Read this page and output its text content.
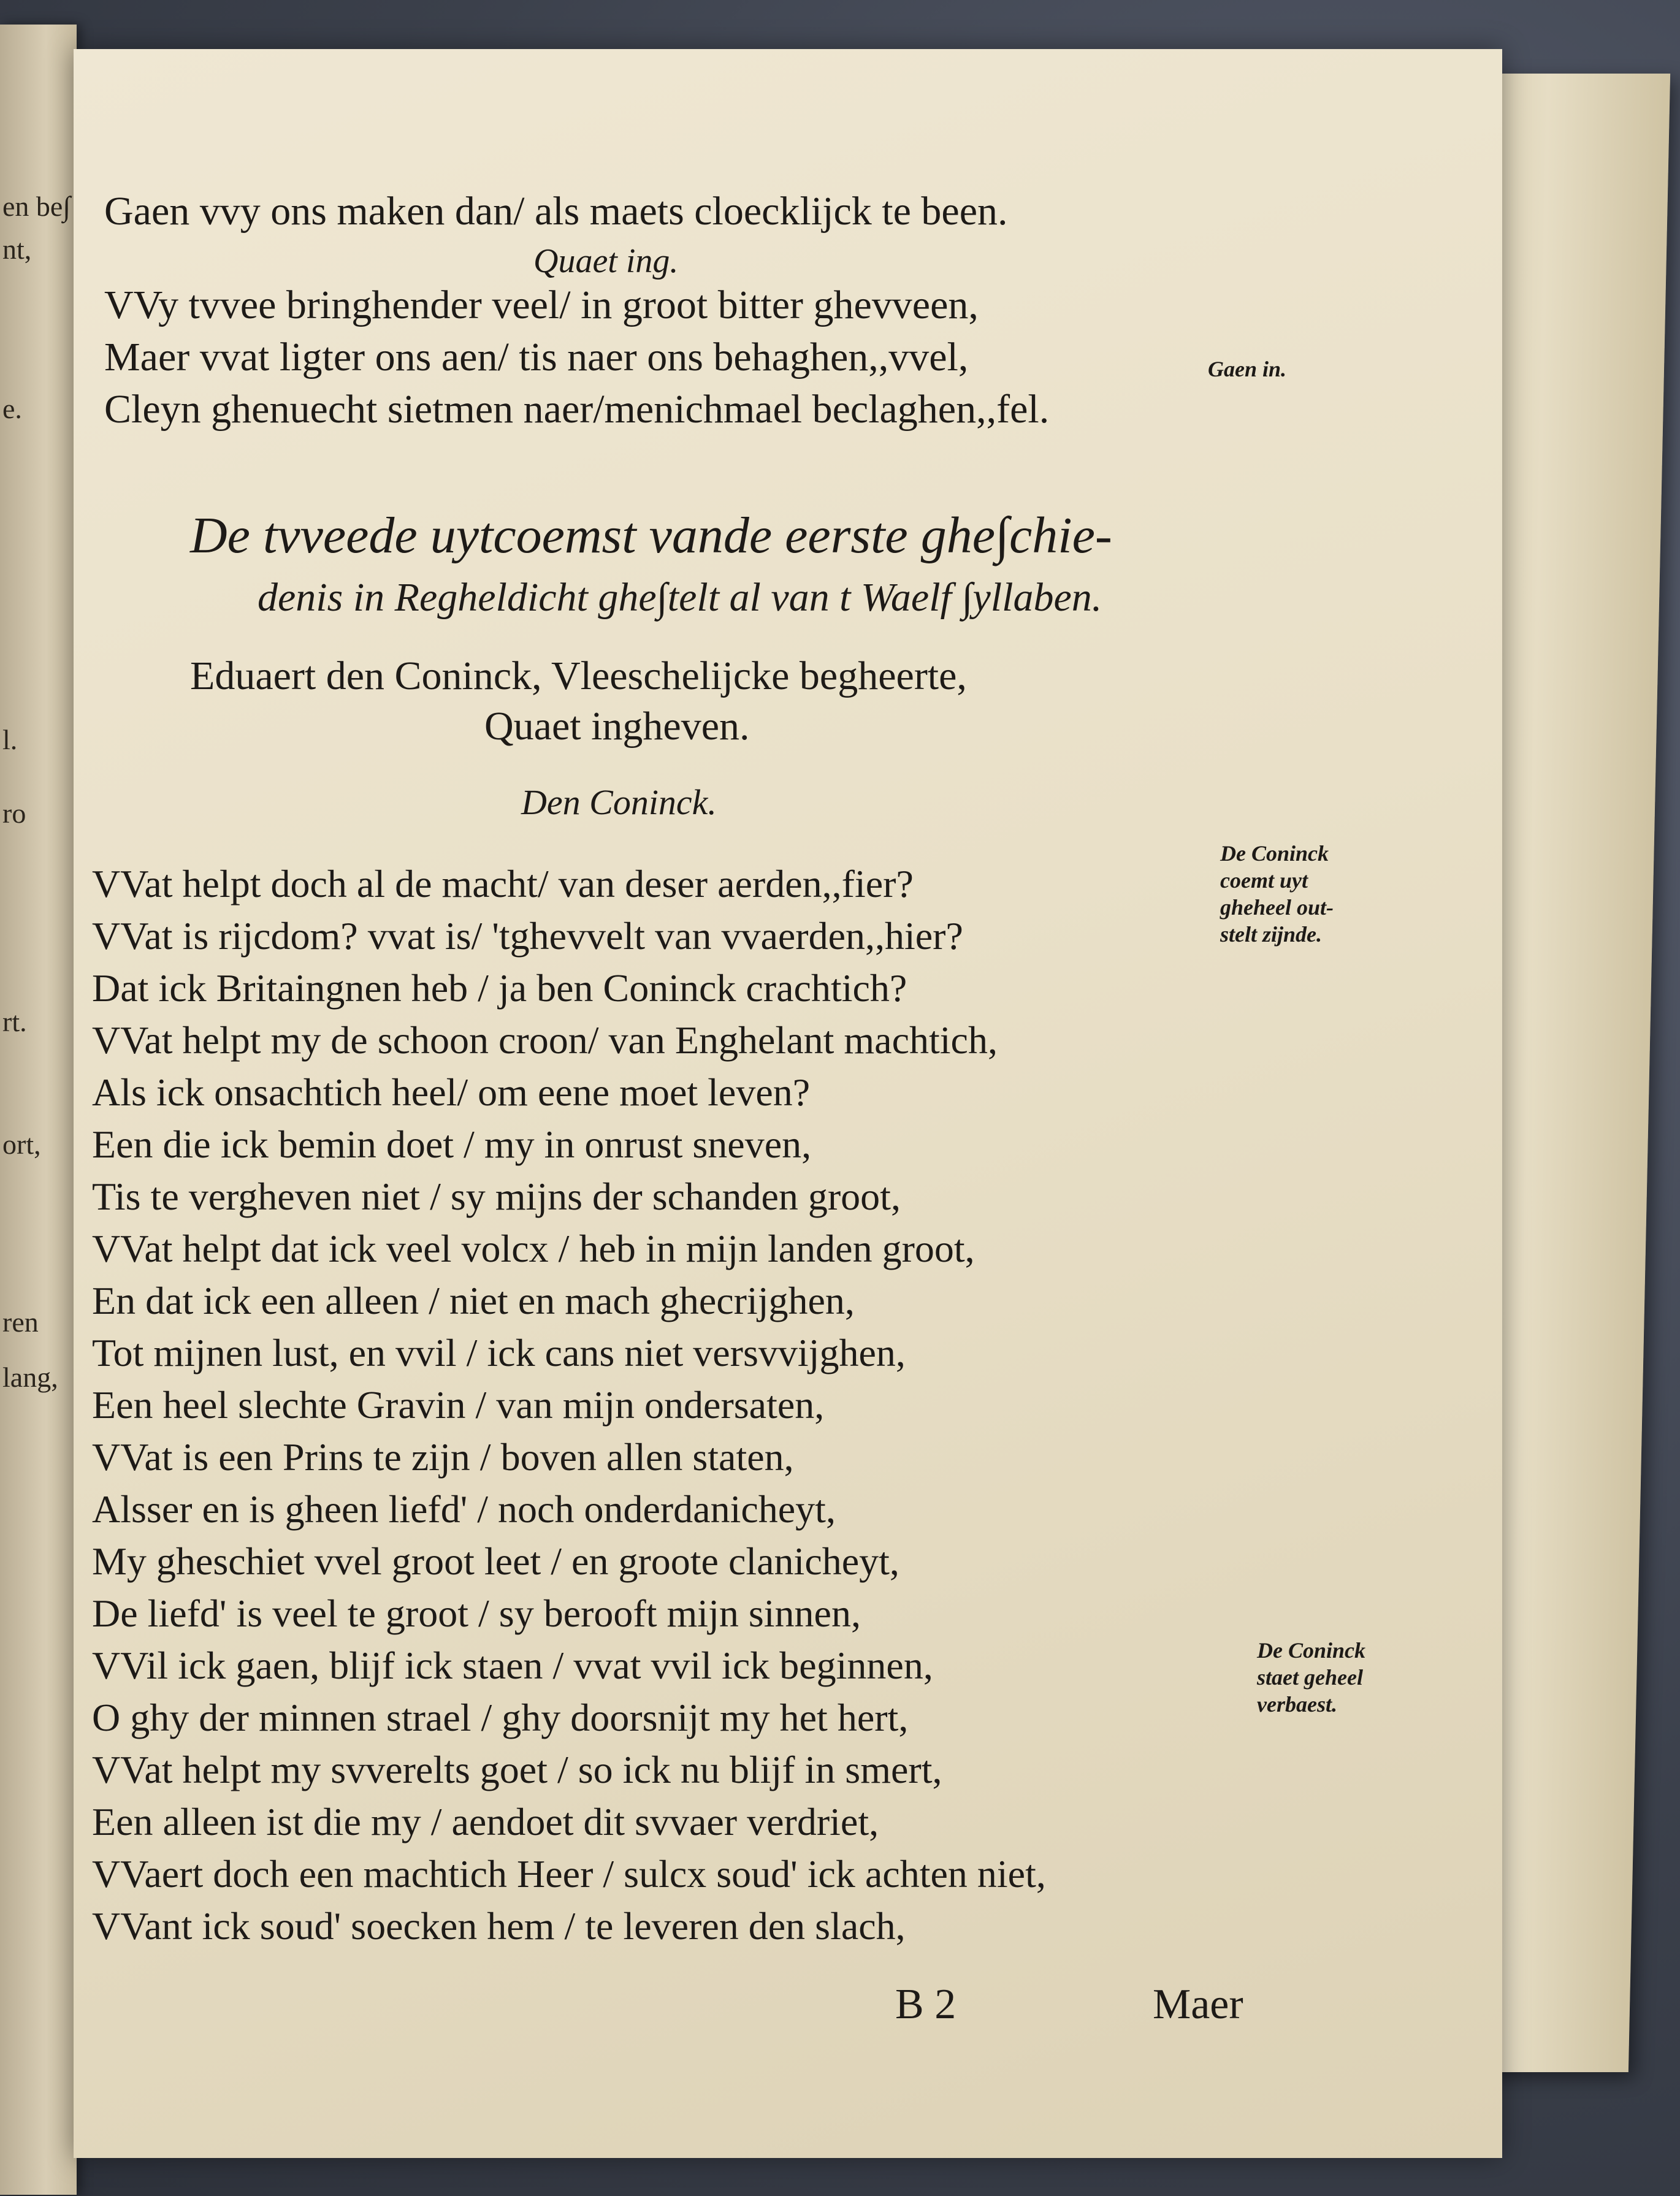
en be∫
nt,
e.
l.
ro
rt.
ort,
ren
lang,
Gaen vvy ons maken dan/ als maets cloecklijck te been.
Quaet ing.
VVy tvvee bringhender veel/ in groot bitter ghevveen,
Maer vvat ligter ons aen/ tis naer ons behaghen,,vvel,
Cleyn ghenuecht sietmen naer/menichmael beclaghen,,fel.
De tvveede uytcoemst vande eerste ghe∫chie-
denis in Regheldicht ghe∫telt al van t Waelf ∫yllaben.
Eduaert den Coninck, Vleeschelijcke begheerte,
Quaet ingheven.
Den Coninck.
VVat helpt doch al de macht/ van deser aerden,,fier?
VVat is rijcdom? vvat is/ 'tghevvelt van vvaerden,,hier?
Dat ick Britaingnen heb / ja ben Coninck crachtich?
VVat helpt my de schoon croon/ van Enghelant machtich,
Als ick onsachtich heel/ om eene moet leven?
Een die ick bemin doet / my in onrust sneven,
Tis te vergheven niet / sy mijns der schanden groot,
VVat helpt dat ick veel volcx / heb in mijn landen groot,
En dat ick een alleen / niet en mach ghecrijghen,
Tot mijnen lust, en vvil / ick cans niet versvvijghen,
Een heel slechte Gravin / van mijn ondersaten,
VVat is een Prins te zijn / boven allen staten,
Alsser en is gheen liefd' / noch onderdanicheyt,
My gheschiet vvel groot leet / en groote clanicheyt,
De liefd' is veel te groot / sy berooft mijn sinnen,
VVil ick gaen, blijf ick staen / vvat vvil ick beginnen,
O ghy der minnen strael / ghy doorsnijt my het hert,
VVat helpt my svverelts goet / so ick nu blijf in smert,
Een alleen ist die my / aendoet dit svvaer verdriet,
VVaert doch een machtich Heer / sulcx soud' ick achten niet,
VVant ick soud' soecken hem / te leveren den slach,
Gaen in.
De Coninck
coemt uyt
gheheel out-
stelt zijnde.
De Coninck
staet geheel
verbaest.
B 2	Maer
